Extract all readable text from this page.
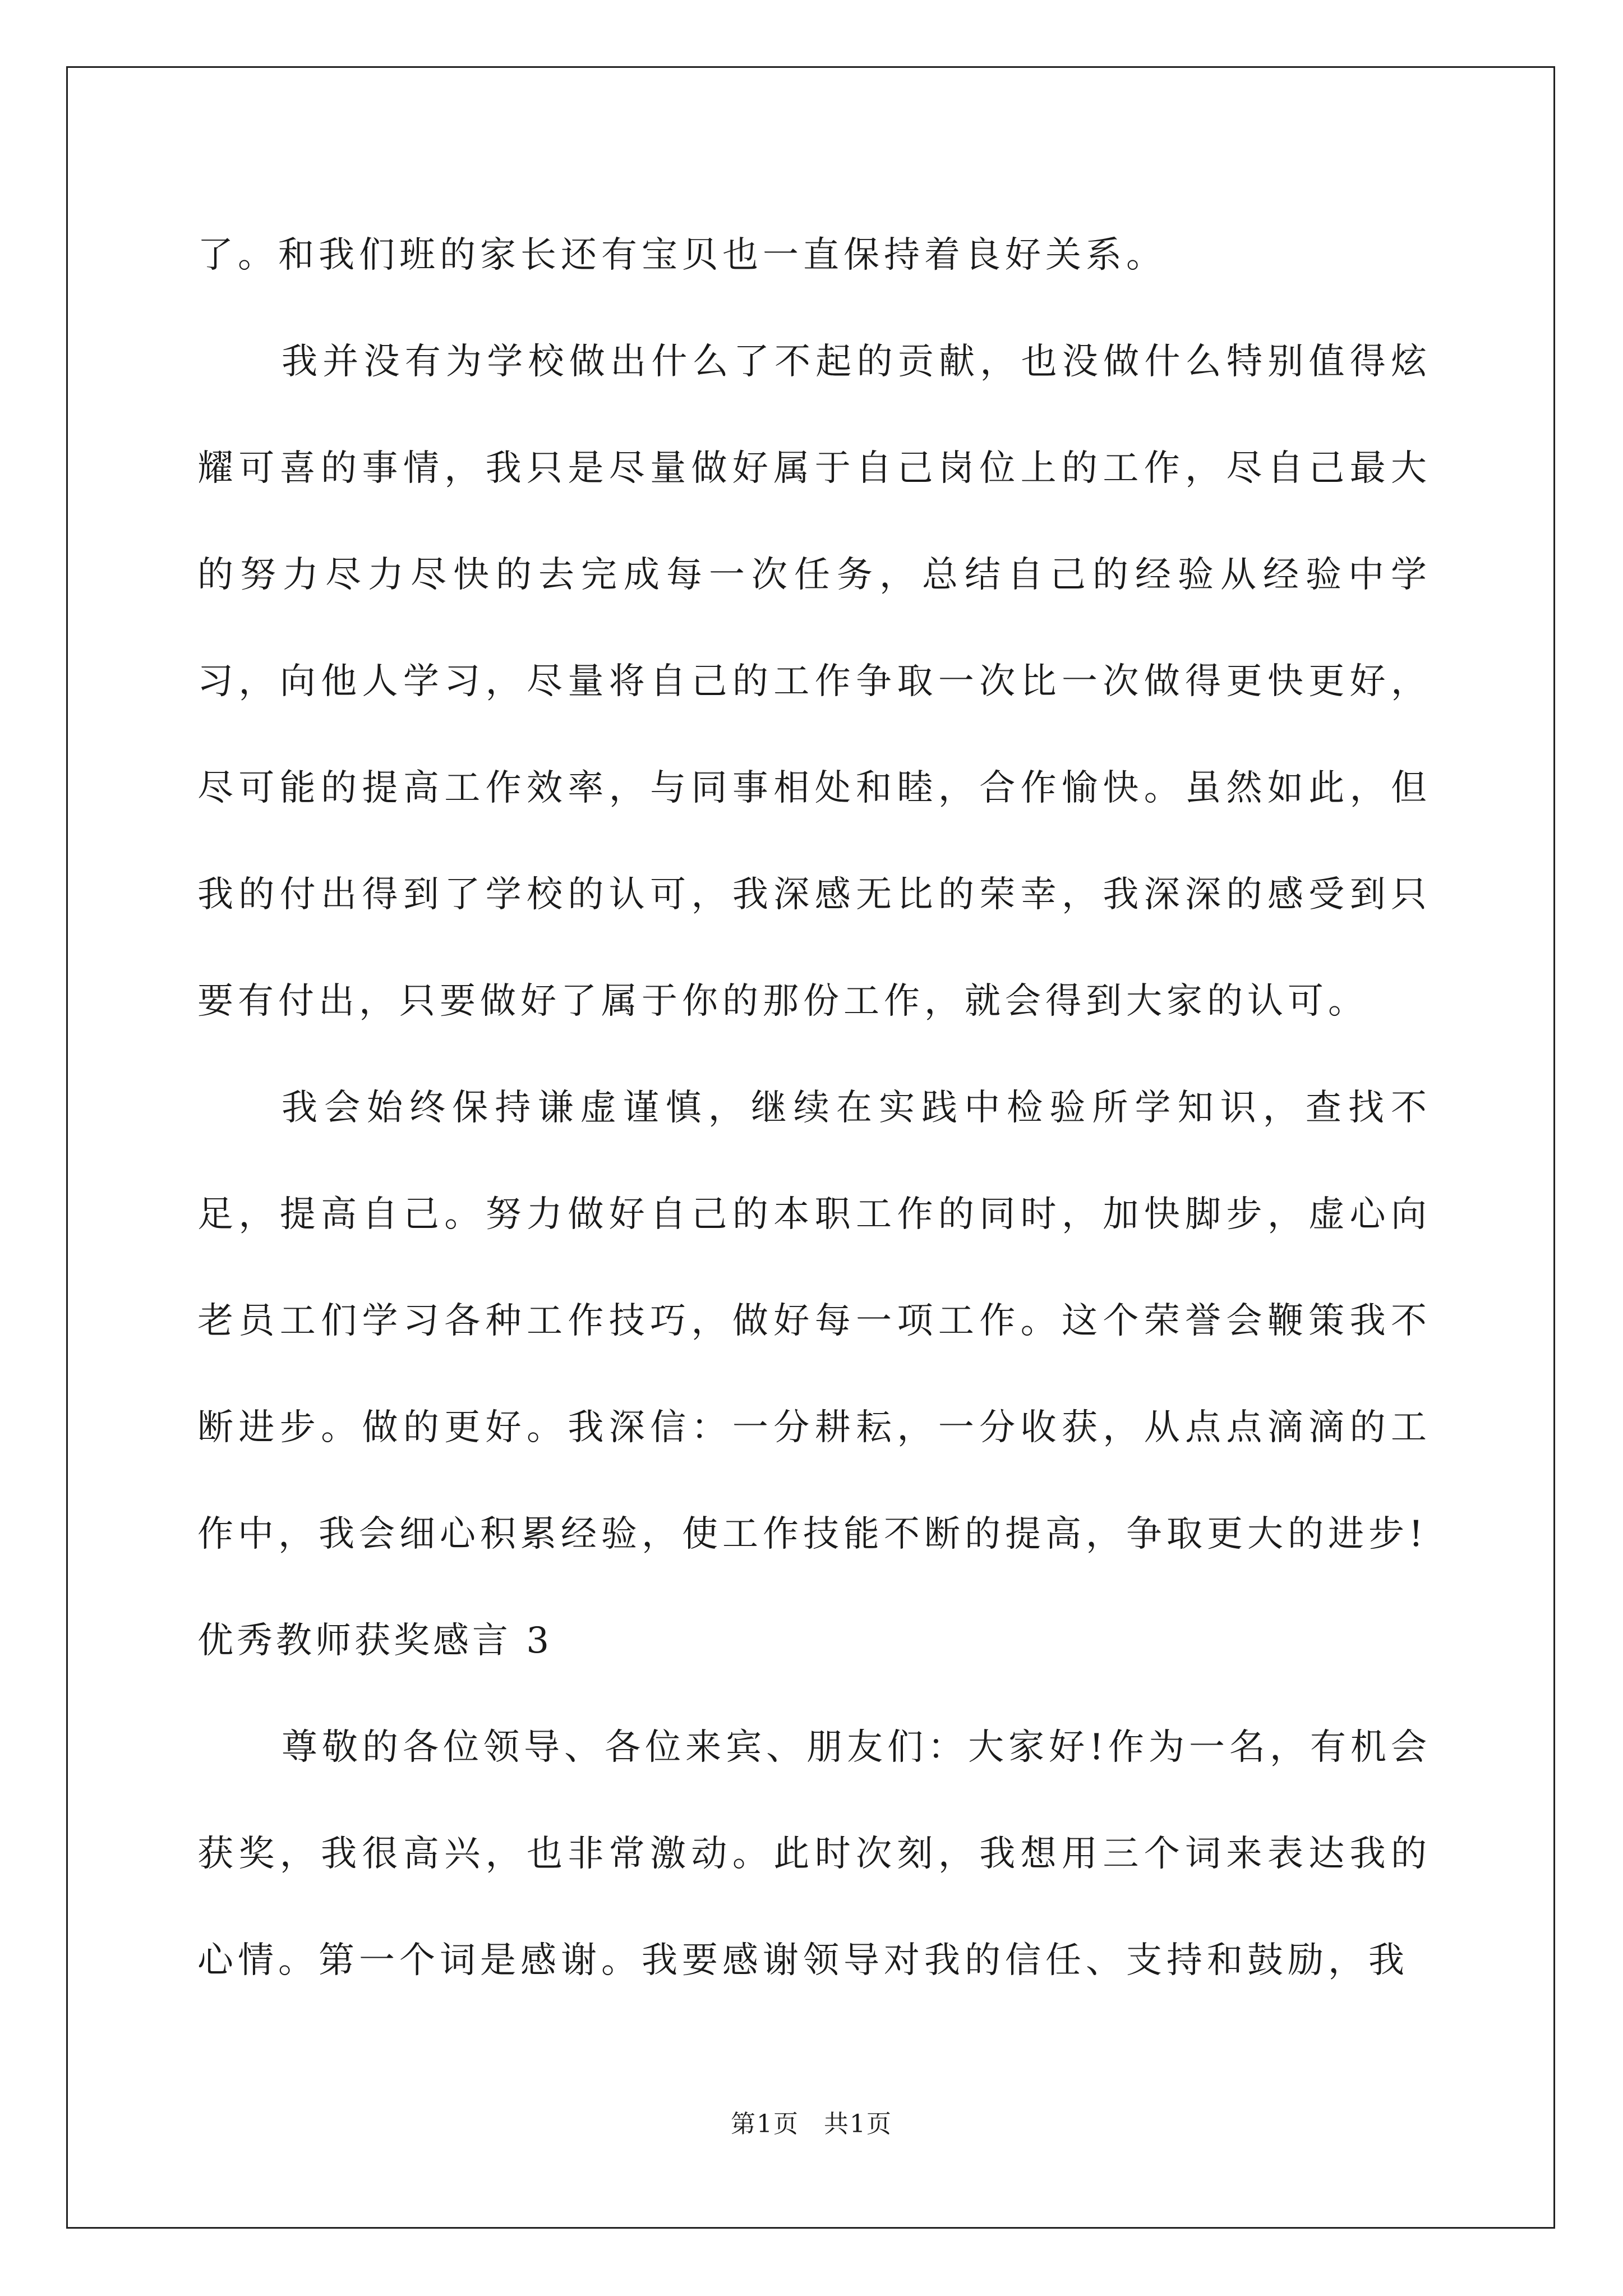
了。和我们班的家长还有宝贝也一直保持着良好关系。

我并没有为学校做出什么了不起的贡献，也没做什么特别值得炫耀可喜的事情，我只是尽量做好属于自己岗位上的工作，尽自己最大的努力尽力尽快的去完成每一次任务，总结自己的经验从经验中学习，向他人学习，尽量将自己的工作争取一次比一次做得更快更好，尽可能的提高工作效率，与同事相处和睦，合作愉快。虽然如此，但我的付出得到了学校的认可，我深感无比的荣幸，我深深的感受到只要有付出，只要做好了属于你的那份工作，就会得到大家的认可。

我会始终保持谦虚谨慎，继续在实践中检验所学知识，查找不足，提高自己。努力做好自己的本职工作的同时，加快脚步，虚心向老员工们学习各种工作技巧，做好每一项工作。这个荣誉会鞭策我不断进步。做的更好。我深信：一分耕耘，一分收获，从点点滴滴的工作中，我会细心积累经验，使工作技能不断的提高，争取更大的进步!

优秀教师获奖感言 3

尊敬的各位领导、各位来宾、朋友们：大家好!作为一名，有机会获奖，我很高兴，也非常激动。此时次刻，我想用三个词来表达我的心情。第一个词是感谢。我要感谢领导对我的信任、支持和鼓励，我

第1页 共1页
